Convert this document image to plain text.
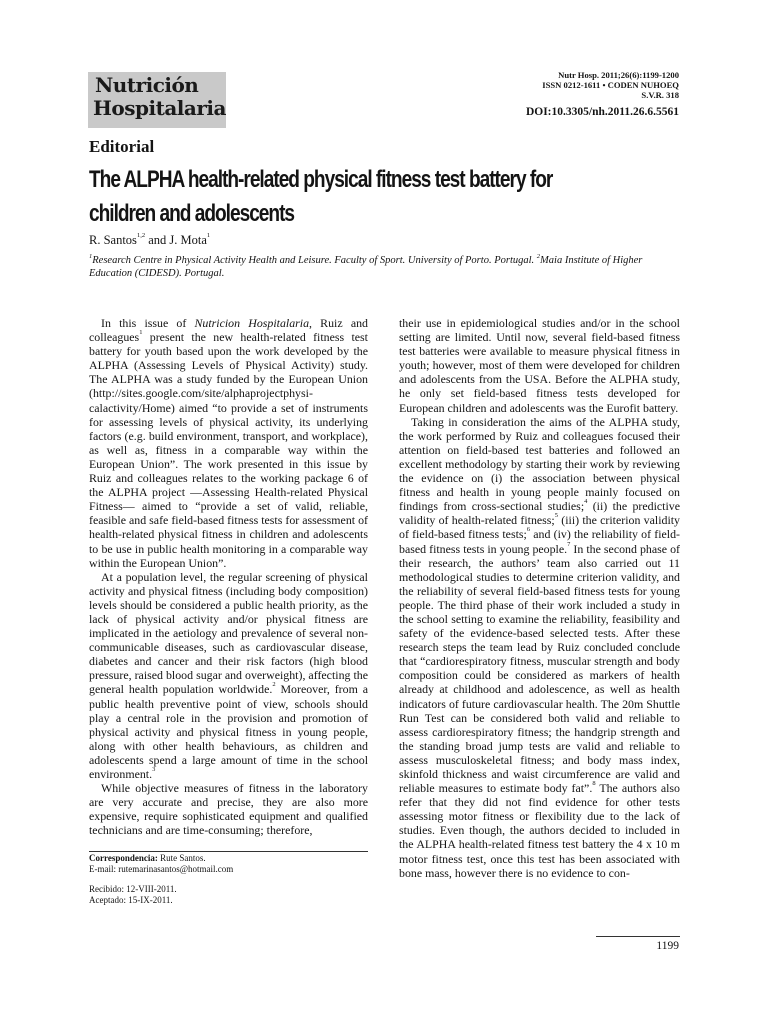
Nutrición
Hospitalaria
Nutr Hosp. 2011;26(6):1199-1200
ISSN 0212-1611 • CODEN NUHOEQ
S.V.R. 318
DOI:10.3305/nh.2011.26.6.5561
Editorial
The ALPHA health-related physical fitness test battery for children and adolescents
R. Santos$^{1,2}$ and J. Mota$^1$
$^1$Research Centre in Physical Activity Health and Leisure. Faculty of Sport. University of Porto. Portugal. $^2$Maia Institute of Higher Education (CIDESD). Portugal.

In this issue of Nutricion Hospitalaria, Ruiz and colleagues$^1$ present the new health-related fitness test battery for youth based upon the work developed by the ALPHA (Assessing Levels of Physical Activity) study. The ALPHA was a study funded by the European Union (http://sites.google.com/site/alphaprojectphysicalactivity/Home) aimed “to provide a set of instruments for assessing levels of physical activity, its underlying factors (e.g. build environment, transport, and workplace), as well as, fitness in a comparable way within the European Union”. The work presented in this issue by Ruiz and colleagues relates to the working package 6 of the ALPHA project —Assessing Health-related Physical Fitness— aimed to “provide a set of valid, reliable, feasible and safe field-based fitness tests for assessment of health-related physical fitness in children and adolescents to be use in public health monitoring in a comparable way within the European Union”.

At a population level, the regular screening of physical activity and physical fitness (including body composition) levels should be considered a public health priority, as the lack of physical activity and/or physical fitness are implicated in the aetiology and prevalence of several non-communicable diseases, such as cardiovascular disease, diabetes and cancer and their risk factors (high blood pressure, raised blood sugar and overweight), affecting the general health population worldwide.$^2$ Moreover, from a public health preventive point of view, schools should play a central role in the provision and promotion of physical activity and physical fitness in young people, along with other health behaviours, as children and adolescents spend a large amount of time in the school environment.$^3$

While objective measures of fitness in the laboratory are very accurate and precise, they are also more expensive, require sophisticated equipment and qualified technicians and are time-consuming; therefore,

their use in epidemiological studies and/or in the school setting are limited. Until now, several field-based fitness test batteries were available to measure physical fitness in youth; however, most of them were developed for children and adolescents from the USA. Before the ALPHA study, he only set field-based fitness tests developed for European children and adolescents was the Eurofit battery.

Taking in consideration the aims of the ALPHA study, the work performed by Ruiz and colleagues focused their attention on field-based test batteries and followed an excellent methodology by starting their work by reviewing the evidence on (i) the association between physical fitness and health in young people mainly focused on findings from cross-sectional studies;$^4$ (ii) the predictive validity of health-related fitness;$^5$ (iii) the criterion validity of field-based fitness tests;$^6$ and (iv) the reliability of field-based fitness tests in young people.$^7$ In the second phase of their research, the authors’ team also carried out 11 methodological studies to determine criterion validity, and the reliability of several field-based fitness tests for young people. The third phase of their work included a study in the school setting to examine the reliability, feasibility and safety of the evidence-based selected tests. After these research steps the team lead by Ruiz concluded conclude that “cardiorespiratory fitness, muscular strength and body composition could be considered as markers of health already at childhood and adolescence, as well as health indicators of future cardiovascular health. The 20m Shuttle Run Test can be considered both valid and reliable to assess cardiorespiratory fitness; the handgrip strength and the standing broad jump tests are valid and reliable to assess musculoskeletal fitness; and body mass index, skinfold thickness and waist circumference are valid and reliable measures to estimate body fat”.$^8$ The authors also refer that they did not find evidence for other tests assessing motor fitness or flexibility due to the lack of studies. Even though, the authors decided to included in the ALPHA health-related fitness test battery the 4 x 10 m motor fitness test, once this test has been associated with bone mass, however there is no evidence to con-

Correspondencia: Rute Santos.
E-mail: rutemarinasantos@hotmail.com
Recibido: 12-VIII-2011.
Aceptado: 15-IX-2011.
1199
